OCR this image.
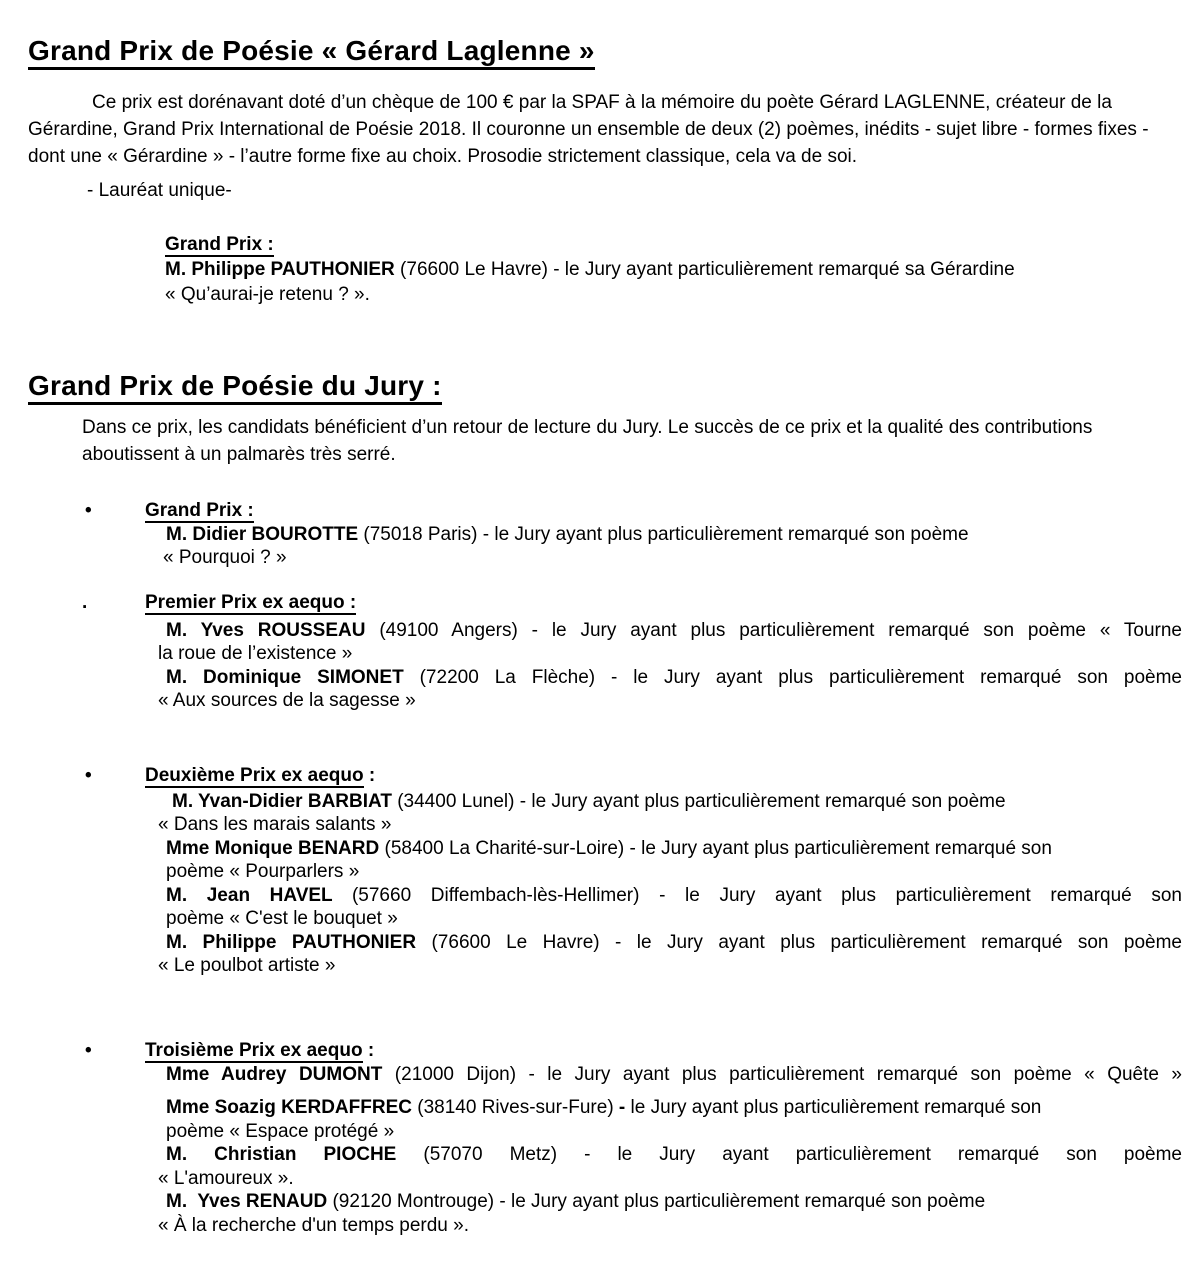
Grand Prix de Poésie « Gérard Laglenne »
Ce prix est dorénavant doté d’un chèque de 100 € par la SPAF à la mémoire du poète Gérard LAGLENNE, créateur de la Gérardine, Grand Prix International de Poésie 2018. Il couronne un ensemble de deux (2) poèmes, inédits - sujet libre - formes fixes - dont une « Gérardine » - l’autre forme fixe au choix. Prosodie strictement classique, cela va de soi.
- Lauréat unique-
Grand Prix :
M. Philippe PAUTHONIER (76600 Le Havre) - le Jury ayant particulièrement remarqué sa Gérardine
« Qu’aurai-je retenu ? ».
Grand Prix de Poésie du Jury :
Dans ce prix, les candidats bénéficient d’un retour de lecture du Jury. Le succès de ce prix et la qualité des contributions aboutissent à un palmarès très serré.
•	Grand Prix :
M. Didier BOUROTTE (75018 Paris) - le Jury ayant plus particulièrement remarqué son poème
« Pourquoi ? »
.	Premier Prix ex aequo :
M. Yves ROUSSEAU (49100 Angers) - le Jury ayant plus particulièrement remarqué son poème « Tourne
la roue de l’existence »
M. Dominique SIMONET (72200 La Flèche) - le Jury ayant plus particulièrement remarqué son poème
« Aux sources de la sagesse »
•	Deuxième Prix ex aequo :
M. Yvan-Didier BARBIAT (34400 Lunel) - le Jury ayant plus particulièrement remarqué son poème
« Dans les marais salants »
Mme Monique BENARD (58400 La Charité-sur-Loire) - le Jury ayant plus particulièrement remarqué son
poème « Pourparlers »
M. Jean HAVEL (57660 Diffembach-lès-Hellimer) - le Jury ayant plus particulièrement remarqué son
poème « C'est le bouquet »
M. Philippe PAUTHONIER (76600 Le Havre) - le Jury ayant plus particulièrement remarqué son poème
« Le poulbot artiste »
•	Troisième Prix ex aequo :
Mme Audrey DUMONT (21000 Dijon) - le Jury ayant plus particulièrement remarqué son poème « Quête »
Mme Soazig KERDAFFREC (38140 Rives-sur-Fure) - le Jury ayant plus particulièrement remarqué son
poème « Espace protégé »
M. Christian PIOCHE (57070 Metz) - le Jury ayant particulièrement remarqué son poème
« L'amoureux ».
M.  Yves RENAUD (92120 Montrouge) - le Jury ayant plus particulièrement remarqué son poème
« À la recherche d'un temps perdu ».
